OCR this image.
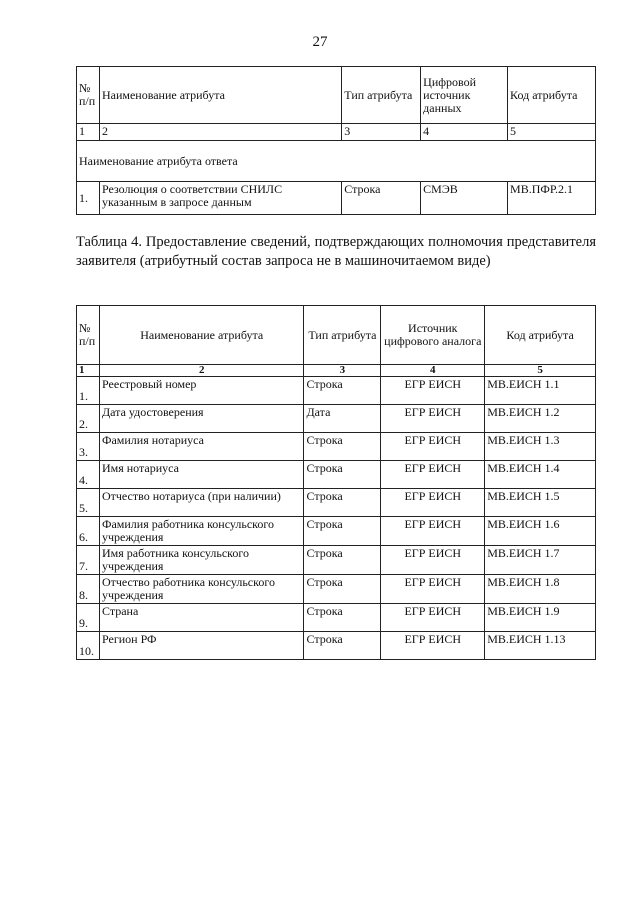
27
№ п/п	Наименование атрибута	Тип атрибута	Цифровой источник данных	Код атрибута
1	2	3	4	5
Наименование атрибута ответа				
1.	Резолюция о соответствии СНИЛС указанным в запросе данным	Строка	СМЭВ	МВ.ПФР.2.1
Таблица 4. Предоставление сведений, подтверждающих полномочия представителя заявителя (атрибутный состав запроса не в машиночитаемом виде)
№ п/п	Наименование атрибута	Тип атрибута	Источник цифрового аналога	Код атрибута
1	2	3	4	5
1.	Реестровый номер	Строка	ЕГР ЕИСН	МВ.ЕИСН 1.1
2.	Дата удостоверения	Дата	ЕГР ЕИСН	МВ.ЕИСН 1.2
3.	Фамилия нотариуса	Строка	ЕГР ЕИСН	МВ.ЕИСН 1.3
4.	Имя нотариуса	Строка	ЕГР ЕИСН	МВ.ЕИСН 1.4
5.	Отчество нотариуса (при наличии)	Строка	ЕГР ЕИСН	МВ.ЕИСН 1.5
6.	Фамилия работника консульского учреждения	Строка	ЕГР ЕИСН	МВ.ЕИСН 1.6
7.	Имя работника консульского учреждения	Строка	ЕГР ЕИСН	МВ.ЕИСН 1.7
8.	Отчество работника консульского учреждения	Строка	ЕГР ЕИСН	МВ.ЕИСН 1.8
9.	Страна	Строка	ЕГР ЕИСН	МВ.ЕИСН 1.9
10.	Регион РФ	Строка	ЕГР ЕИСН	МВ.ЕИСН 1.13
